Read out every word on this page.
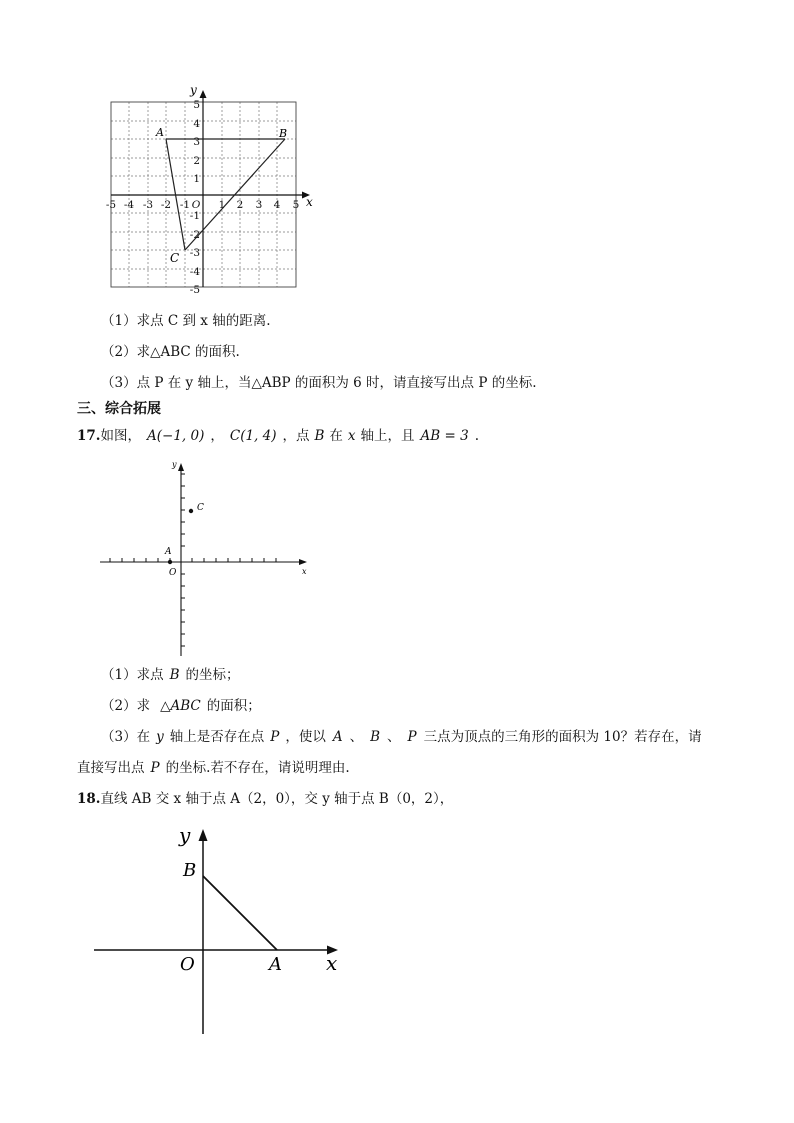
-5 -4 -3 -2 -1 O 1 2 3 4 5
5
4
3
2
1
-1
-2
-3
-4
-5
x
y
A	B
C
（1）求点 C 到 x 轴的距离.
（2）求△ABC 的面积.
（3）点 P 在 y 轴上，当△ABP 的面积为 6 时，请直接写出点 P 的坐标.
三、综合拓展
17.如图， A(−1, 0) ， C(1, 4) ，点 B 在 x 轴上，且 AB = 3 .
A
C
O	x
y
（1）求点 B 的坐标；
（2）求 △ABC 的面积；
（3）在 y 轴上是否存在点 P ，使以 A 、 B 、 P 三点为顶点的三角形的面积为 10？若存在，请
直接写出点 P 的坐标.若不存在，请说明理由.
18.直线 AB 交 x 轴于点 A（2，0），交 y 轴于点 B（0，2），
y
x
O
B
A
